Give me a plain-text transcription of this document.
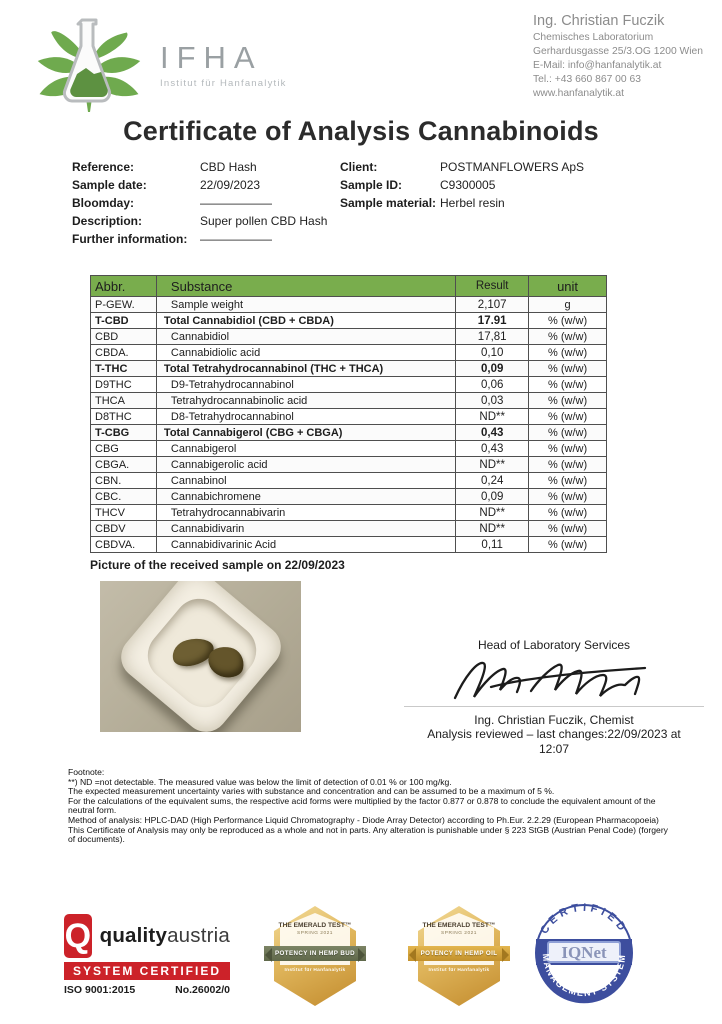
IFHA
Institut für Hanfanalytik
Ing. Christian Fuczik
Chemisches Laboratorium
Gerhardusgasse 25/3.OG 1200 Wien
E-Mail: info@hanfanalytik.at
Tel.: +43 660 867 00 63
www.hanfanalytik.at
Certificate of Analysis Cannabinoids
Reference:	CBD Hash
Sample date:	22/09/2023
Bloomday:	——————
Description:	Super pollen CBD Hash
Further information:	——————
Client:	POSTMANFLOWERS ApS
Sample ID:	C9300005
Sample material: Herbel resin
Abbr.	Substance	Result	unit
P-GEW.	Sample weight	2,107	g
T-CBD	Total Cannabidiol (CBD + CBDA)	17.91	% (w/w)
CBD	Cannabidiol	17,81	% (w/w)
CBDA.	Cannabidiolic acid	0,10	% (w/w)
T-THC	Total Tetrahydrocannabinol (THC + THCA)	0,09	% (w/w)
D9THC	D9-Tetrahydrocannabinol	0,06	% (w/w)
THCA	Tetrahydrocannabinolic acid	0,03	% (w/w)
D8THC	D8-Tetrahydrocannabinol	ND**	% (w/w)
T-CBG	Total Cannabigerol (CBG + CBGA)	0,43	% (w/w)
CBG	Cannabigerol	0,43	% (w/w)
CBGA.	Cannabigerolic acid	ND**	% (w/w)
CBN.	Cannabinol	0,24	% (w/w)
CBC.	Cannabichromene	0,09	% (w/w)
THCV	Tetrahydrocannabivarin	ND**	% (w/w)
CBDV	Cannabidivarin	ND**	% (w/w)
CBDVA.	Cannabidivarinic Acid	0,11	% (w/w)
Picture of the received sample on 22/09/2023
Head of Laboratory Services
Ing. Christian Fuczik, Chemist
Analysis reviewed – last changes:22/09/2023 at
12:07
Footnote:
**) ND =not detectable. The measured value was below the limit of detection of 0.01 % or 100 mg/kg.
The expected measurement uncertainty varies with substance and concentration and can be assumed to be a maximum of 5 %.
For the calculations of the equivalent sums, the respective acid forms were multiplied by the factor 0.877 or 0.878 to conclude the equivalent amount of the neutral form.
Method of analysis: HPLC-DAD (High Performance Liquid Chromatography - Diode Array Detector) according to Ph.Eur. 2.2.29 (European Pharmacopoeia)
This Certificate of Analysis may only be reproduced as a whole and not in parts. Any alteration is punishable under § 223 StGB (Austrian Penal Code) (forgery of documents).
Q qualityaustria
SYSTEM CERTIFIED
ISO 9001:2015	No.26002/0
THE EMERALD TEST™
SPRING 2021
POTENCY IN HEMP BUD
Institut für Hanfanalytik
THE EMERALD TEST™
SPRING 2021
POTENCY IN HEMP OIL
Institut für Hanfanalytik
IQNet
CERTIFIED
MANAGEMENT SYSTEM
